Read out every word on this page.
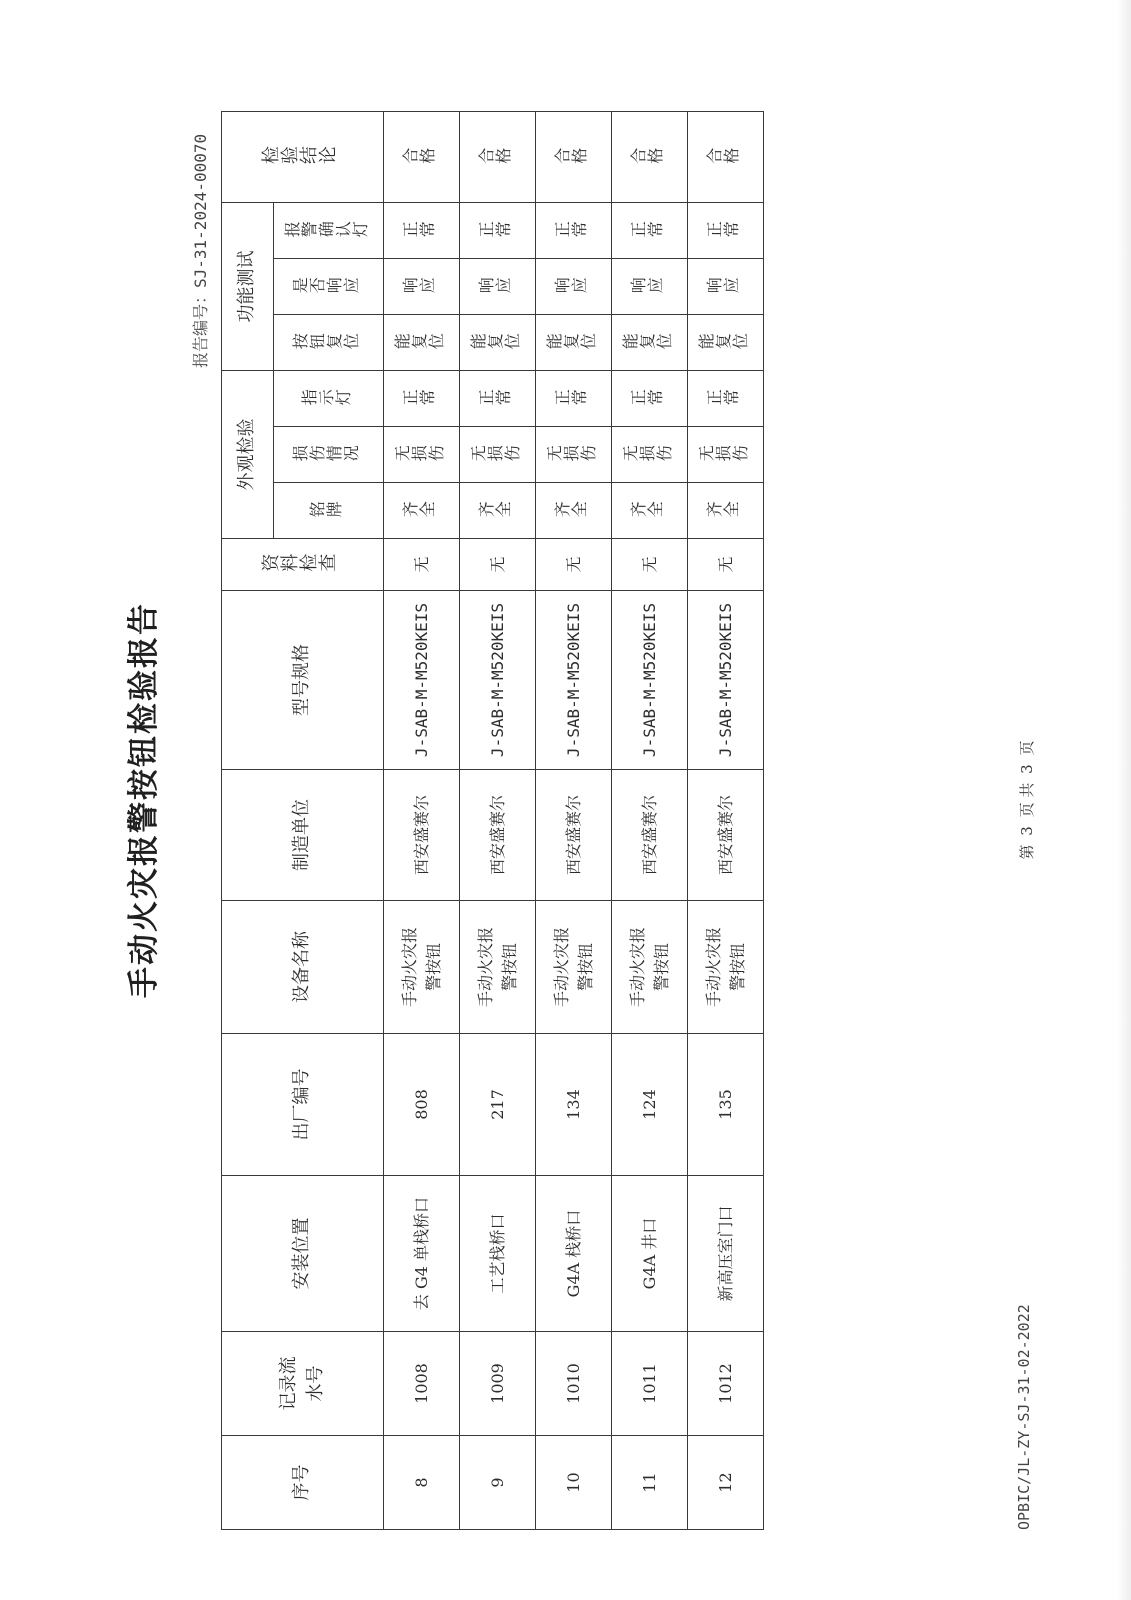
OPBIC/JL-ZY-SJ-31-02-2022
报告编号：SJ-31-2024-00070
手动火灾报警按钮检验报告
序号	记录流水号	安装位置	出厂编号	设备名称	制造单位	型号规格	资料检查	外观检验			功能测试			检验结论
								铭牌	损伤情况	指示灯	按钮复位	是否响应	报警确认灯	
8	1008	去 G4 单栈桥口	808	手动火灾报警按钮	西安盛赛尔	J-SAB-M-M520KEIS	无	齐全	无损伤	正常	能复位	响应	正常	合格
9	1009	工艺栈桥口	217	手动火灾报警按钮	西安盛赛尔	J-SAB-M-M520KEIS	无	齐全	无损伤	正常	能复位	响应	正常	合格
10	1010	G4A 栈桥口	134	手动火灾报警按钮	西安盛赛尔	J-SAB-M-M520KEIS	无	齐全	无损伤	正常	能复位	响应	正常	合格
11	1011	G4A 井口	124	手动火灾报警按钮	西安盛赛尔	J-SAB-M-M520KEIS	无	齐全	无损伤	正常	能复位	响应	正常	合格
12	1012	新高压室门口	135	手动火灾报警按钮	西安盛赛尔	J-SAB-M-M520KEIS	无	齐全	无损伤	正常	能复位	响应	正常	合格
第 3 页 共 3 页
